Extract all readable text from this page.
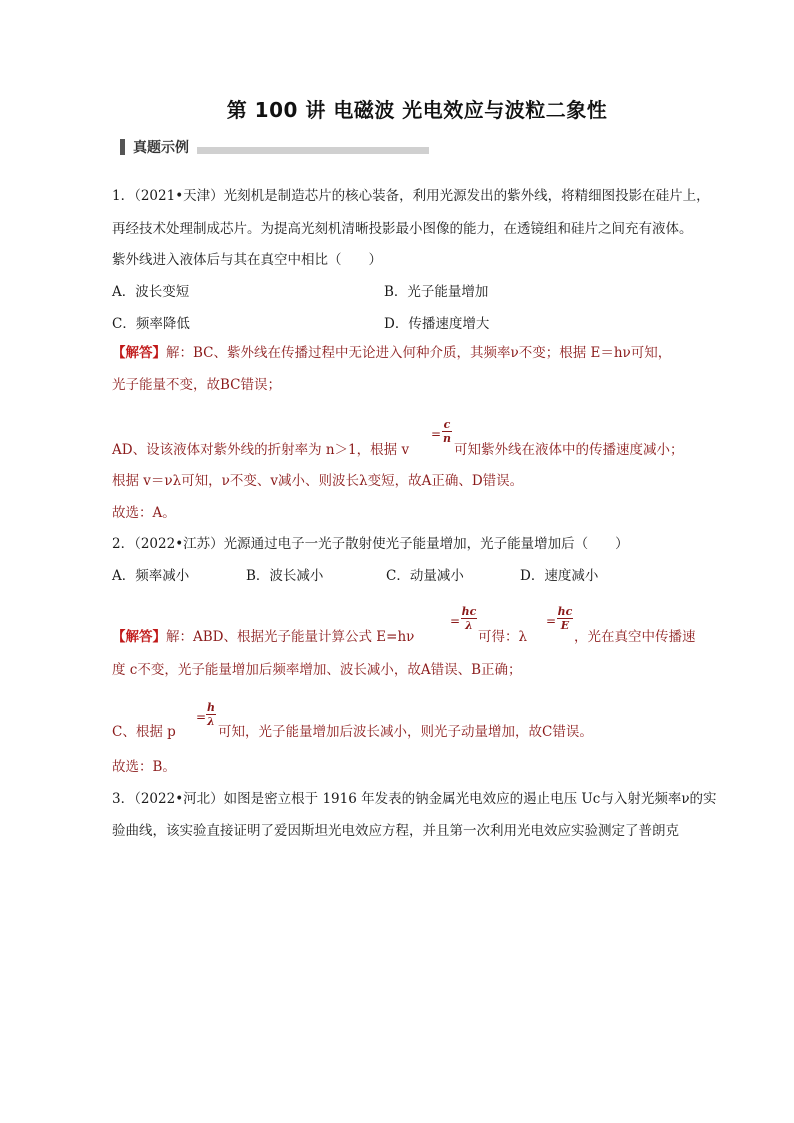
第 100 讲 电磁波 光电效应与波粒二象性
真题示例
1．（2021•天津）光刻机是制造芯片的核心装备，利用光源发出的紫外线，将精细图投影在硅片上，
再经技术处理制成芯片。为提高光刻机清晰投影最小图像的能力，在透镜组和硅片之间充有液体。
紫外线进入液体后与其在真空中相比（　　）
A．波长变短	B．光子能量增加
C．频率降低	D．传播速度增大
【解答】解：BC、紫外线在传播过程中无论进入何种介质，其频率ν不变；根据 E＝hν可知，
光子能量不变，故BC错误；
AD、设该液体对紫外线的折射率为 n＞1，根据 v
=
c
n
可知紫外线在液体中的传播速度减小；
根据 v＝νλ可知，ν不变、v减小、则波长λ变短，故A正确、D错误。
故选：A。
2．（2022•江苏）光源通过电子一光子散射使光子能量增加，光子能量增加后（　　）
A．频率减小	B．波长减小	C．动量减小	D．速度减小
【解答】解：ABD、根据光子能量计算公式 E=hν
=
hc
λ
可得：λ
=
hc
E
，光在真空中传播速
度 c不变，光子能量增加后频率增加、波长减小，故A错误、B正确；
C、根据 p
=
h
λ
可知，光子能量增加后波长减小，则光子动量增加，故C错误。
故选：B。
3．（2022•河北）如图是密立根于 1916 年发表的钠金属光电效应的遏止电压 Uc与入射光频率ν的实
验曲线，该实验直接证明了爱因斯坦光电效应方程，并且第一次利用光电效应实验测定了普朗克
